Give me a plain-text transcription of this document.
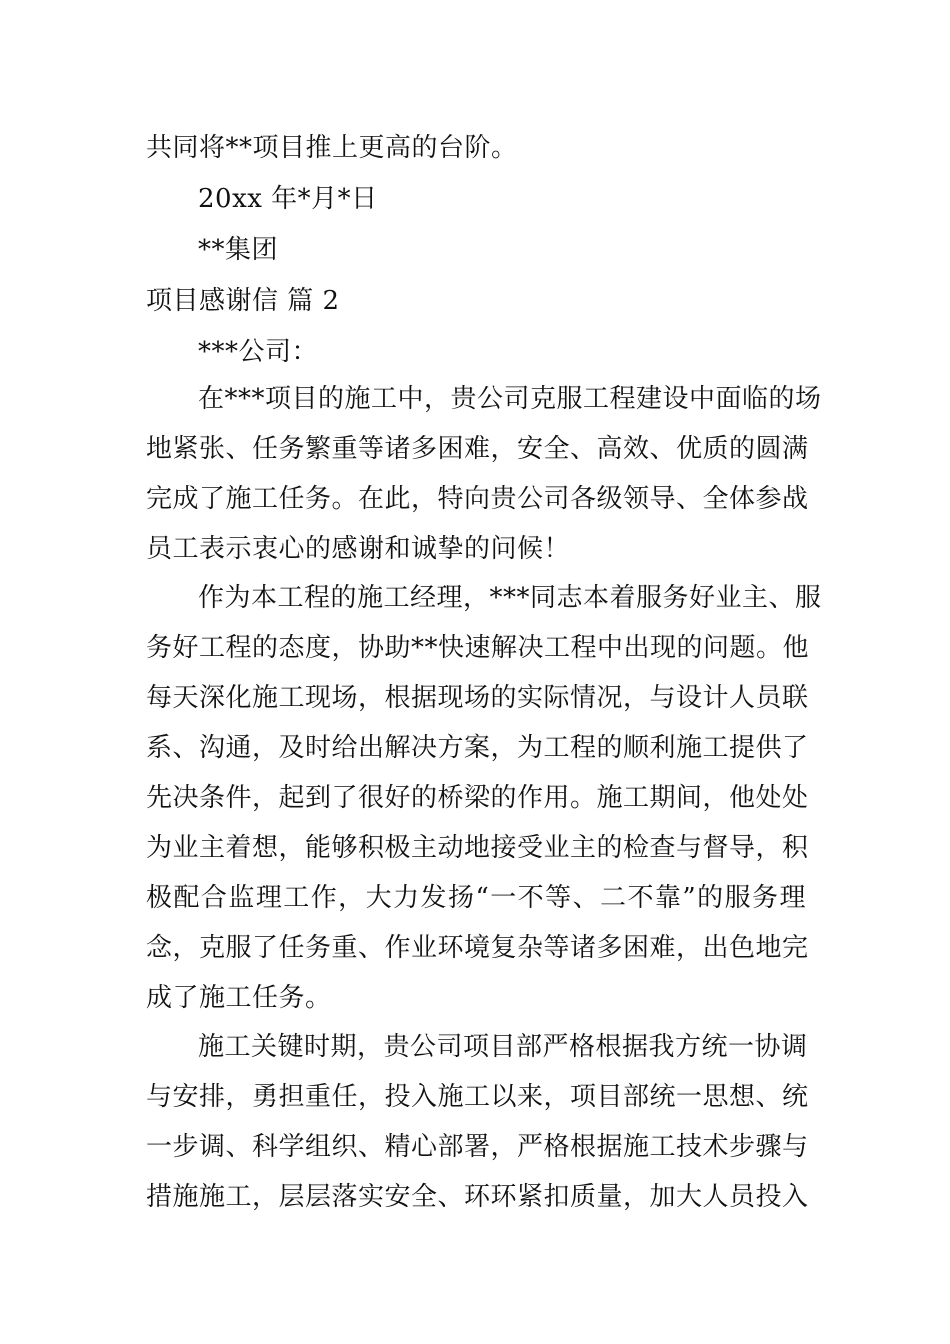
共同将**项目推上更高的台阶。
20xx 年*月*日
**集团
项目感谢信 篇 2
***公司：
在***项目的施工中，贵公司克服工程建设中面临的场
地紧张、任务繁重等诸多困难，安全、高效、优质的圆满
完成了施工任务。在此，特向贵公司各级领导、全体参战
员工表示衷心的感谢和诚挚的问候！
作为本工程的施工经理，***同志本着服务好业主、服
务好工程的态度，协助**快速解决工程中出现的问题。他
每天深化施工现场，根据现场的实际情况，与设计人员联
系、沟通，及时给出解决方案，为工程的顺利施工提供了
先决条件，起到了很好的桥梁的作用。施工期间，他处处
为业主着想，能够积极主动地接受业主的检查与督导，积
极配合监理工作，大力发扬“一不等、二不靠”的服务理
念，克服了任务重、作业环境复杂等诸多困难，出色地完
成了施工任务。
施工关键时期，贵公司项目部严格根据我方统一协调
与安排，勇担重任，投入施工以来，项目部统一思想、统
一步调、科学组织、精心部署，严格根据施工技术步骤与
措施施工，层层落实安全、环环紧扣质量，加大人员投入
